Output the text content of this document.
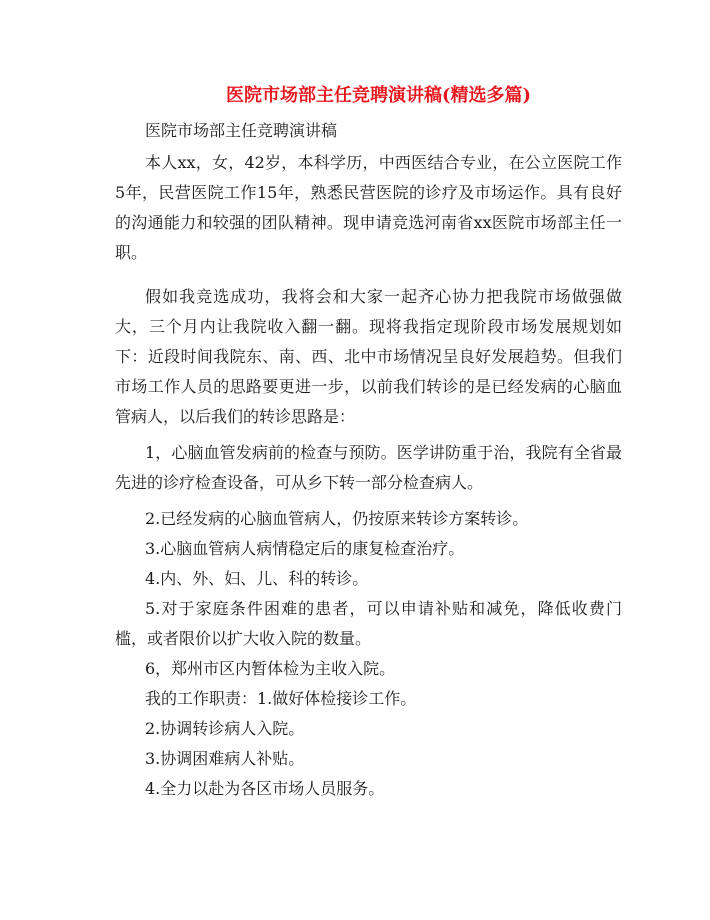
医院市场部主任竞聘演讲稿(精选多篇)

医院市场部主任竞聘演讲稿

本人xx，女，42岁，本科学历，中西医结合专业，在公立医院工作5年，民营医院工作15年，熟悉民营医院的诊疗及市场运作。具有良好的沟通能力和较强的团队精神。现申请竞选河南省xx医院市场部主任一职。

假如我竞选成功，我将会和大家一起齐心协力把我院市场做强做大，三个月内让我院收入翻一翻。现将我指定现阶段市场发展规划如下：近段时间我院东、南、西、北中市场情况呈良好发展趋势。但我们市场工作人员的思路要更进一步，以前我们转诊的是已经发病的心脑血管病人，以后我们的转诊思路是：

1，心脑血管发病前的检查与预防。医学讲防重于治，我院有全省最先进的诊疗检查设备，可从乡下转一部分检查病人。

2.已经发病的心脑血管病人，仍按原来转诊方案转诊。

3.心脑血管病人病情稳定后的康复检查治疗。

4.内、外、妇、儿、科的转诊。

5.对于家庭条件困难的患者，可以申请补贴和减免，降低收费门槛，或者限价以扩大收入院的数量。

6，郑州市区内暂体检为主收入院。

我的工作职责：1.做好体检接诊工作。

2.协调转诊病人入院。

3.协调困难病人补贴。

4.全力以赴为各区市场人员服务。
